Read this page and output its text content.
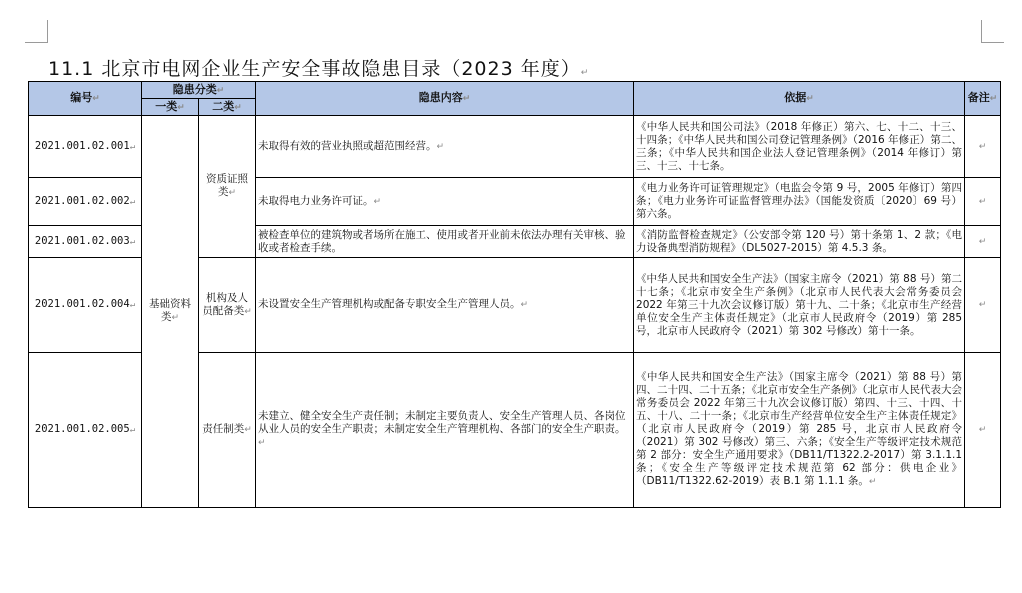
11.1 北京市电网企业生产安全事故隐患目录（2023 年度）↵
编号↵	隐患分类↵		隐患内容↵	依据↵	备注↵
	一类↵	二类↵			
2021.001.02.001↵	基础资料类↵	资质证照类↵	未取得有效的营业执照或超范围经营。↵	《中华人民共和国公司法》（2018 年修正）第六、七、十二、十三、十四条；《中华人民共和国公司登记管理条例》（2016 年修正）第二、三条；《中华人民共和国企业法人登记管理条例》（2014 年修订）第三、十三、十七条。	↵
2021.001.02.002↵			未取得电力业务许可证。↵	《电力业务许可证管理规定》（电监会令第 9 号，2005 年修订）第四条；《电力业务许可证监督管理办法》（国能发资质〔2020〕69 号）第六条。	↵
2021.001.02.003↵			被检查单位的建筑物或者场所在施工、使用或者开业前未依法办理有关审核、验收或者检查手续。	《消防监督检查规定》（公安部令第 120 号）第十条第 1、2 款；《电力设备典型消防规程》（DL5027-2015）第 4.5.3 条。	↵
2021.001.02.004↵		机构及人员配备类↵	未设置安全生产管理机构或配备专职安全生产管理人员。↵	《中华人民共和国安全生产法》（国家主席令（2021）第 88 号）第二十七条；《北京市安全生产条例》（北京市人民代表大会常务委员会 2022 年第三十九次会议修订版）第十九、二十条；《北京市生产经营单位安全生产主体责任规定》（北京市人民政府令（2019）第 285 号，北京市人民政府令（2021）第 302 号修改）第十一条。	↵
2021.001.02.005↵		责任制类↵	未建立、健全安全生产责任制；未制定主要负责人、安全生产管理人员、各岗位从业人员的安全生产职责；未制定安全生产管理机构、各部门的安全生产职责。↵	《中华人民共和国安全生产法》（国家主席令（2021）第 88 号）第四、二十四、二十五条；《北京市安全生产条例》（北京市人民代表大会常务委员会 2022 年第三十九次会议修订版）第四、十三、十四、十五、十八、二十一条；《北京市生产经营单位安全生产主体责任规定》（北京市人民政府令（2019）第 285 号，北京市人民政府令（2021）第 302 号修改）第三、六条；《安全生产等级评定技术规范第 2 部分：安全生产通用要求》（DB11/T1322.2-2017）第 3.1.1.1 条；《安全生产等级评定技术规范第 62 部分：供电企业》（DB11/T1322.62-2019）表 B.1 第 1.1.1 条。↵	↵
